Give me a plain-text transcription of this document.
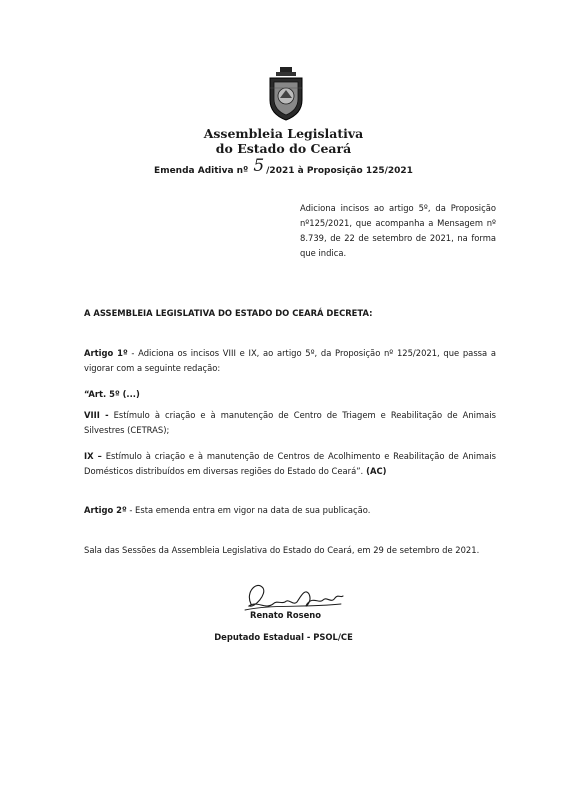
Assembleia Legislativa
do Estado do Ceará
Emenda Aditiva nº 5 /2021 à Proposição 125/2021

Adiciona incisos ao artigo 5º, da Proposição nº125/2021, que acompanha a Mensagem nº 8.739, de 22 de setembro de 2021, na forma que indica.

A ASSEMBLEIA LEGISLATIVA DO ESTADO DO CEARÁ DECRETA:

Artigo 1º - Adiciona os incisos VIII e IX, ao artigo 5º, da Proposição nº 125/2021, que passa a vigorar com a seguinte redação:

“Art. 5º (...)

VIII - Estímulo à criação e à manutenção de Centro de Triagem e Reabilitação de Animais Silvestres (CETRAS);

IX – Estímulo à criação e à manutenção de Centros de Acolhimento e Reabilitação de Animais Domésticos distribuídos em diversas regiões do Estado do Ceará”. (AC)

Artigo 2º - Esta emenda entra em vigor na data de sua publicação.

Sala das Sessões da Assembleia Legislativa do Estado do Ceará, em 29 de setembro de 2021.

Renato Roseno
Deputado Estadual - PSOL/CE
